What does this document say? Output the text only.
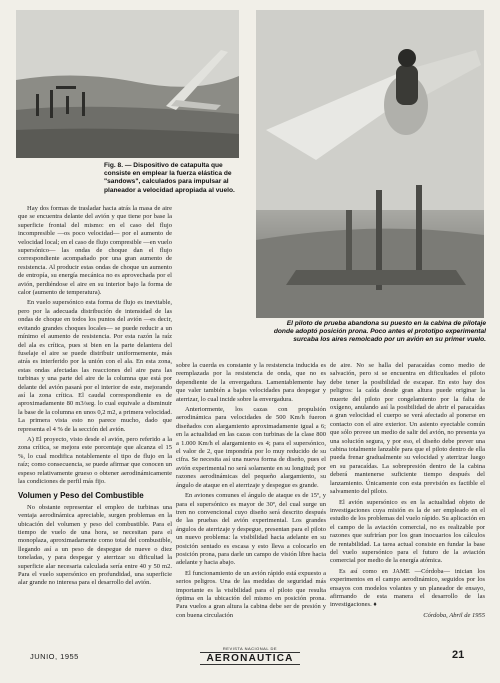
Fig. 8. — Dispositivo de catapulta que consiste en emplear la fuerza elástica de "sandows", calculados para impulsar al planeador a velocidad apropiada al vuelo.
El piloto de prueba abandona su puesto en la cabina de pilotaje donde adoptó posición prona. Poco antes el prototipo experimental surcaba los aires remolcado por un avión en su primer vuelo.

Hay dos formas de trasladar hacia atrás la masa de aire que se encuentra delante del avión y que tiene por base la superficie frontal del mismo: en el caso del flujo incompresible —os poco velocidad— por el aumento de velocidad local; en el caso de flujo compresible —en vuelo supersónico— las ondas de choque dan el flujo correspondiente acompañado por una gran aumento de resistencia. Al producir estas ondas de choque un aumento de entropía, su energía mecánica no es aprovechada por el avión, perdiéndose el aire en su interior bajo la forma de calor (aumento de temperatura).

En vuelo supersónico esta forma de flujo es inevitable, pero por la adecuada distribución de intensidad de las ondas de choque en todos los puntos del avión —es decir, evitando grandes choques locales— se puede reducir a un mínimo el aumento de resistencia. Por esta razón la raíz del ala es crítica, pues si bien en la parte delantera del fuselaje el aire se puede distribuir uniformemente, más atrás es interferido por la unión con el ala. En esta zona, estas ondas afectadas las reacciones del aire para las turbinas y una parte del aire de la columna que está por delante del avión pasará por el interior de este, mejorando así la zona crítica. El caudal correspondiente es de aproximadamente 80 m3/seg. lo cual equivale a disminuir la base de la columna en unos 0,2 m2, a primera velocidad. La primera vista esto no parece mucho, dado que representa el 4 % de la sección del avión.

A) El proyecto, visto desde el avión, pero referido a la zona crítica, se mejora este porcentaje que alcanza el 15 %, lo cual modifica notablemente el tipo de flujo en la raíz; como consecuencia, se puede afirmar que conocen un espeso relativamente grueso o obtener aerodinámicamente las condiciones de perfil más fijo.

Volumen y Peso del Combustible

No obstante representar el empleo de turbinas una ventaja aerodinámica apreciable, surgen problemas en la ubicación del volumen y peso del combustible. Para el tiempo de vuelo de una hora, se necesitan para el monoplaza, aproximadamente como total del combustible, llegando así a un peso de despegue de nueve o diez toneladas, y para despegar y aterrizar su dificultad la superficie alar necesaria calculada sería entre 40 y 50 m2. Para el vuelo supersónico en profundidad, una superficie alar grande no interesa para el desarrollo del avión.

sobre la cuerda es constante y la resistencia inducida es reemplazada por la resistencia de onda, que no es dependiente de la envergadura. Lamentablemente hay que valer también a bajas velocidades para despegar y aterrizar, lo cual incide sobre la envergadura.

Anteriormente, los cazas con propulsión aerodinámica para velocidades de 500 Km/h fueron diseñados con alargamiento aproximadamente igual a 6; en la actualidad en las cazas con turbinas de la clase 800 a 1.000 Km/h el alargamiento es 4; para el supersónico, el valor de 2, que impondría por lo muy reducido de su cifra. Se necesita así una nueva forma de diseño, pues el avión experimental no será solamente en su longitud; por razones aerodinámicas del pequeño alargamiento, su ángulo de ataque en el aterrizaje y despegue es grande.

En aviones comunes el ángulo de ataque es de 15º, y para el supersónico es mayor de 30º, del cual surge un tren no convencional cuyo diseño será descrito después de las pruebas del avión experimental. Los grandes ángulos de aterrizaje y despegue, presentan para el piloto un nuevo problema: la visibilidad hacia adelante en su posición sentado es escasa y esto lleva a colocarlo en posición prona, para darle un campo de visión libre hacia adelante y hacia abajo.

El funcionamiento de un avión rápido está expuesto a serios peligros. Una de las medidas de seguridad más importante es la visibilidad para el piloto que resulta óptima en la ubicación del mismo en posición prona. Para vuelos a gran altura la cabina debe ser de presión y con buena circulación

de aire. No se halla del paracaídas como medio de salvación, pero si se encuentra en dificultades el piloto debe tener la posibilidad de escapar. En esto hay dos peligros: la caída desde gran altura puede originar la muerte del piloto por congelamiento por la falta de oxígeno, anulando así la posibilidad de abrir el paracaídas a gran velocidad el cuerpo se verá afectado al ponerse en contacto con el aire exterior. Un asiento eyectable común que sólo provee un medio de salir del avión, no presenta ya una solución segura, y por eso, el diseño debe prever una cabina totalmente lanzable para que el piloto dentro de ella pueda frenar gradualmente su velocidad y aterrizar luego en su paracaídas. La sobrepresión dentro de la cabina deberá mantenerse suficiente tiempo después del lanzamiento. Únicamente con esta previsión es factible el salvamento del piloto.

El avión supersónico es en la actualidad objeto de investigaciones cuya misión es la de ser empleado en el estudio de los problemas del vuelo rápido. Su aplicación en el campo de la aviación comercial, no es realizable por razones que sufrirían por los gran inocuarios los cálculos de rentabilidad. La tarea actual consiste en fundar la base del vuelo supersónico para el futuro de la aviación comercial por medio de la energía atómica.

Es así como en JAME —Córdoba— inician los experimentos en el campo aerodinámico, seguidos por los ensayos con modelos volantes y un planeador de ensayo, afirmando de esta manera el desarrollo de las investigaciones. ♦

Córdoba, Abril de 1955
JUNIO, 1955
REVISTA NACIONAL DE
AERONAUTICA	21
